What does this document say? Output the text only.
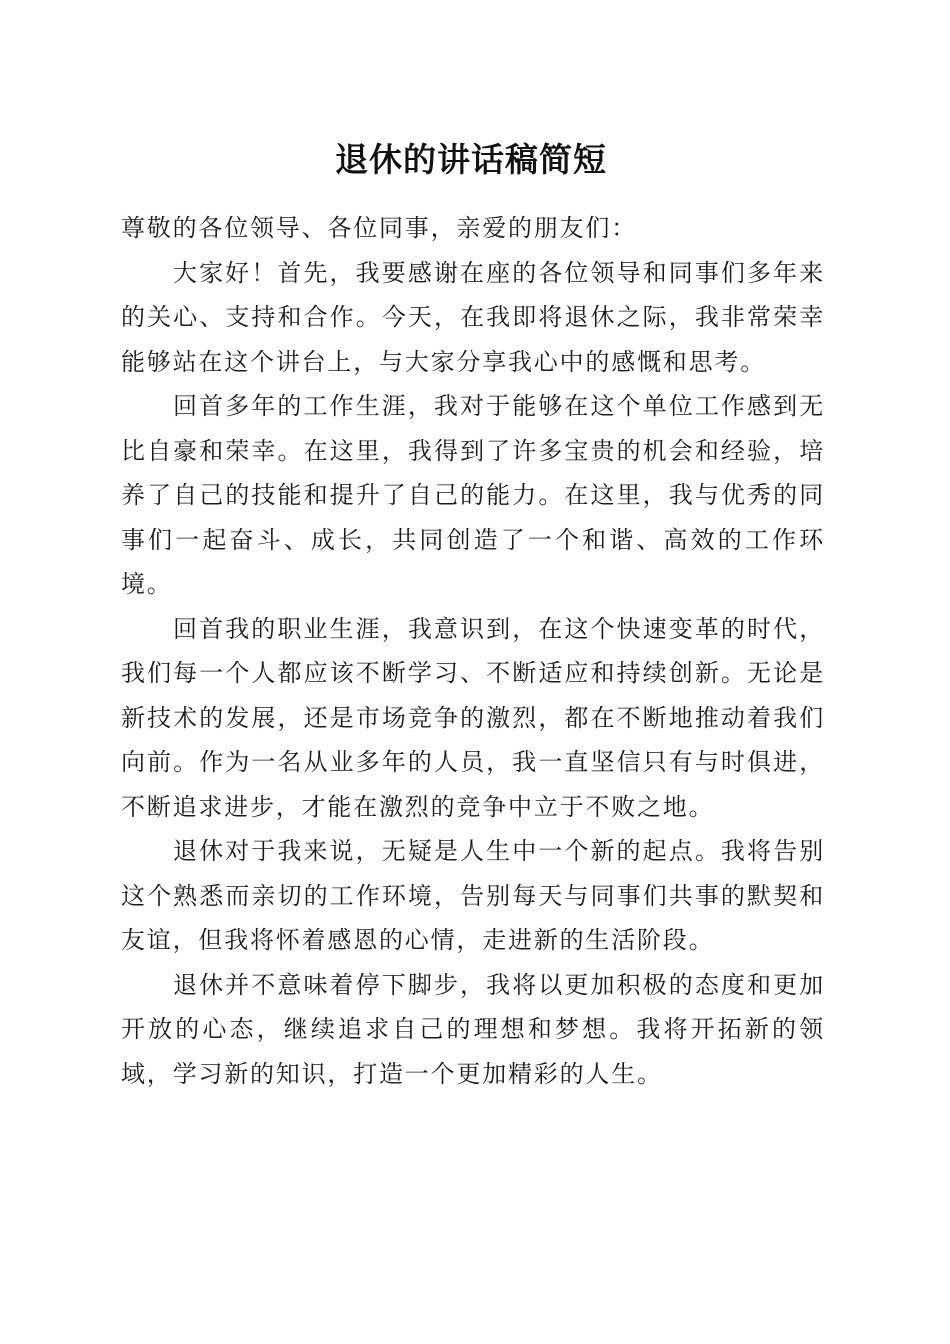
退休的讲话稿简短

尊敬的各位领导、各位同事，亲爱的朋友们：

大家好！首先，我要感谢在座的各位领导和同事们多年来的关心、支持和合作。今天，在我即将退休之际，我非常荣幸能够站在这个讲台上，与大家分享我心中的感慨和思考。

回首多年的工作生涯，我对于能够在这个单位工作感到无比自豪和荣幸。在这里，我得到了许多宝贵的机会和经验，培养了自己的技能和提升了自己的能力。在这里，我与优秀的同事们一起奋斗、成长，共同创造了一个和谐、高效的工作环境。

回首我的职业生涯，我意识到，在这个快速变革的时代，我们每一个人都应该不断学习、不断适应和持续创新。无论是新技术的发展，还是市场竞争的激烈，都在不断地推动着我们向前。作为一名从业多年的人员，我一直坚信只有与时俱进，不断追求进步，才能在激烈的竞争中立于不败之地。

退休对于我来说，无疑是人生中一个新的起点。我将告别这个熟悉而亲切的工作环境，告别每天与同事们共事的默契和友谊，但我将怀着感恩的心情，走进新的生活阶段。

退休并不意味着停下脚步，我将以更加积极的态度和更加开放的心态，继续追求自己的理想和梦想。我将开拓新的领域，学习新的知识，打造一个更加精彩的人生。
